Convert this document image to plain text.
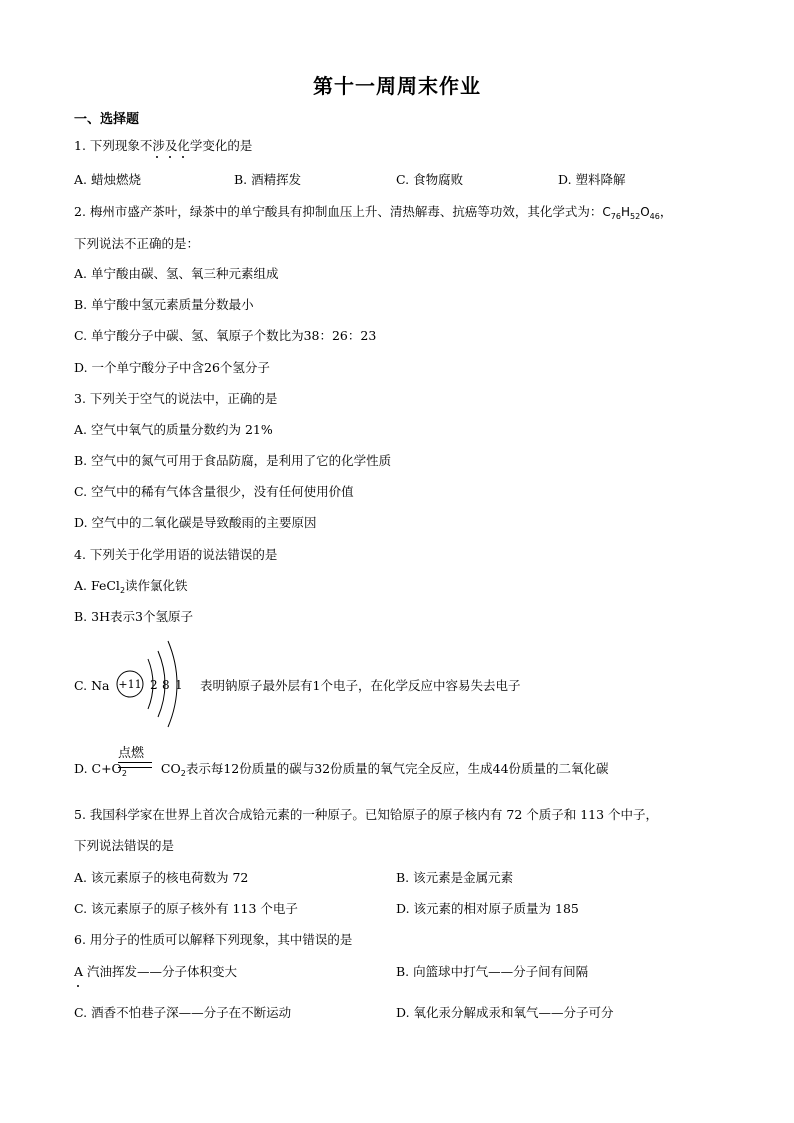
第十一周周末作业
一、选择题
1. 下列现象不涉及化学变化的是
A. 蜡烛燃烧	B. 酒精挥发	C. 食物腐败	D. 塑料降解
2. 梅州市盛产茶叶，绿茶中的单宁酸具有抑制血压上升、清热解毒、抗癌等功效，其化学式为：$C_{76}H_{52}O_{46}$，
下列说法不正确的是：
A. 单宁酸由碳、氢、氧三种元素组成
B. 单宁酸中氢元素质量分数最小
C. 单宁酸分子中碳、氢、氧原子个数比为38：26：23
D. 一个单宁酸分子中含26个氢分子
3. 下列关于空气的说法中，正确的是
A. 空气中氧气的质量分数约为 21%
B. 空气中的氮气可用于食品防腐，是利用了它的化学性质
C. 空气中的稀有气体含量很少，没有任何使用价值
D. 空气中的二氧化碳是导致酸雨的主要原因
4. 下列关于化学用语的说法错误的是
A. FeCl$_2$读作氯化铁
B. 3H表示3个氢原子
C. Na +11 2 8 1 表明钠原子最外层有1个电子，在化学反应中容易失去电子
点燃
D. $C+O_2$	$CO_2$表示每12份质量的碳与32份质量的氧气完全反应，生成44份质量的二氧化碳
5. 我国科学家在世界上首次合成铪元素的一种原子。已知铪原子的原子核内有 72 个质子和 113 个中子，
下列说法错误的是
A. 该元素原子的核电荷数为 72	B. 该元素是金属元素
C. 该元素原子的原子核外有 113 个电子	D. 该元素的相对原子质量为 185
6. 用分子的性质可以解释下列现象，其中错误的是
A 汽油挥发——分子体积变大	B. 向篮球中打气——分子间有间隔
C. 酒香不怕巷子深——分子在不断运动	D. 氧化汞分解成汞和氧气——分子可分
